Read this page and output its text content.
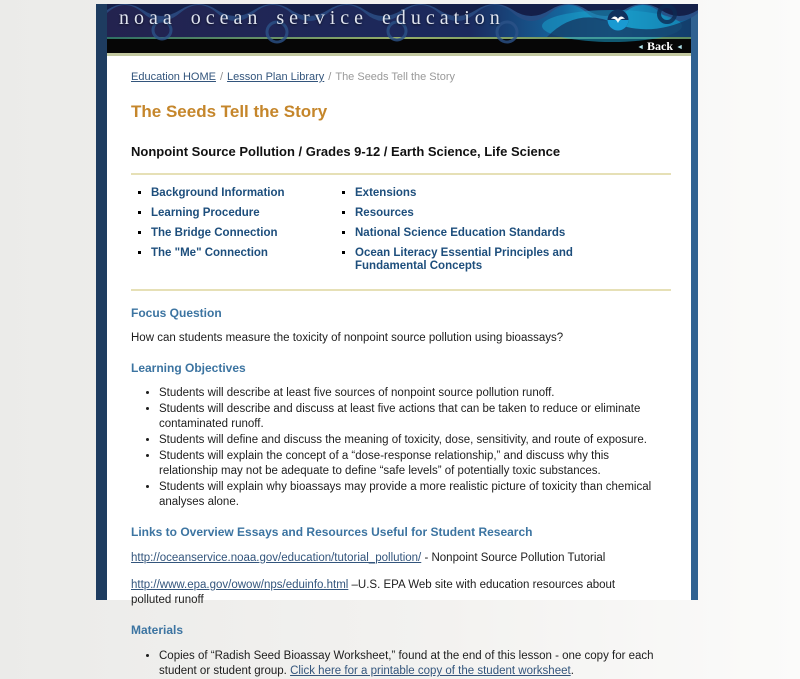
noaa ocean service education
◄ Back ◄
Education HOME / Lesson Plan Library / The Seeds Tell the Story
The Seeds Tell the Story
Nonpoint Source Pollution / Grades 9-12 / Earth Science, Life Science
▪ Background Information
▪ Learning Procedure
▪ The Bridge Connection
▪ The "Me" Connection
▪ Extensions
▪ Resources
▪ National Science Education Standards
▪ Ocean Literacy Essential Principles and Fundamental Concepts
Focus Question
How can students measure the toxicity of nonpoint source pollution using bioassays?
Learning Objectives
• Students will describe at least five sources of nonpoint source pollution runoff.
• Students will describe and discuss at least five actions that can be taken to reduce or eliminate contaminated runoff.
• Students will define and discuss the meaning of toxicity, dose, sensitivity, and route of exposure.
• Students will explain the concept of a “dose-response relationship,” and discuss why this relationship may not be adequate to define “safe levels” of potentially toxic substances.
• Students will explain why bioassays may provide a more realistic picture of toxicity than chemical analyses alone.
Links to Overview Essays and Resources Useful for Student Research
http://oceanservice.noaa.gov/education/tutorial_pollution/ - Nonpoint Source Pollution Tutorial
http://www.epa.gov/owow/nps/eduinfo.html –U.S. EPA Web site with education resources about polluted runoff
Materials
• Copies of “Radish Seed Bioassay Worksheet,” found at the end of this lesson - one copy for each student or student group. Click here for a printable copy of the student worksheet.
